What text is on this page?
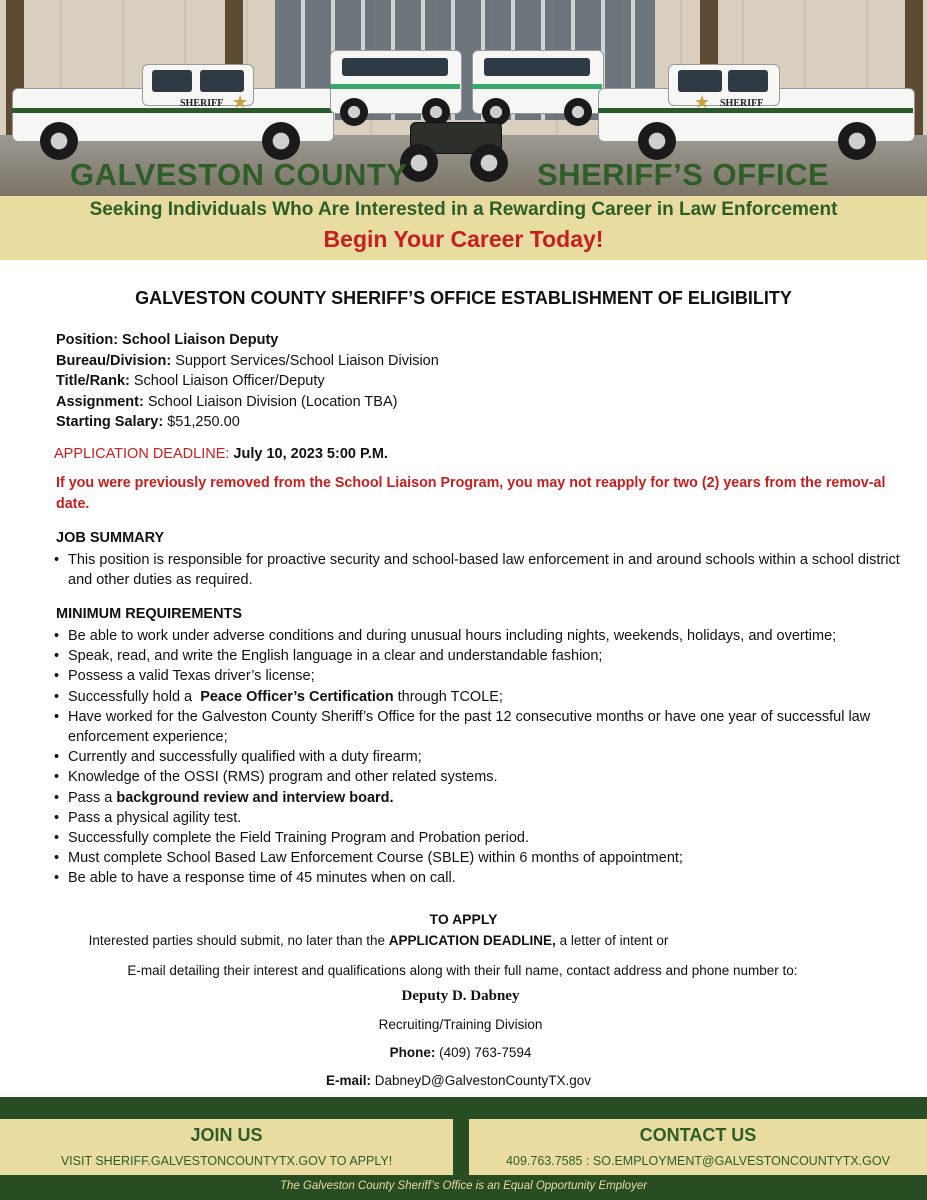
SHERIFF ★	★ SHERIFF
GALVESTON COUNTY	SHERIFF’S OFFICE
Seeking Individuals Who Are Interested in a Rewarding Career in Law Enforcement
Begin Your Career Today!
GALVESTON COUNTY SHERIFF’S OFFICE ESTABLISHMENT OF ELIGIBILITY
Position: School Liaison Deputy
Bureau/Division: Support Services/School Liaison Division
Title/Rank: School Liaison Officer/Deputy
Assignment: School Liaison Division (Location TBA)
Starting Salary: $51,250.00
APPLICATION DEADLINE: July 10, 2023 5:00 P.M.
If you were previously removed from the School Liaison Program, you may not reapply for two (2) years from the remov-al date.
JOB SUMMARY
• This position is responsible for proactive security and school-based law enforcement in and around schools within a school district and other duties as required.
MINIMUM REQUIREMENTS
• Be able to work under adverse conditions and during unusual hours including nights, weekends, holidays, and overtime;
• Speak, read, and write the English language in a clear and understandable fashion;
• Possess a valid Texas driver’s license;
• Successfully hold a  Peace Officer’s Certification through TCOLE;
• Have worked for the Galveston County Sheriff’s Office for the past 12 consecutive months or have one year of successful law enforcement experience;
• Currently and successfully qualified with a duty firearm;
• Knowledge of the OSSI (RMS) program and other related systems.
• Pass a background review and interview board.
• Pass a physical agility test.
• Successfully complete the Field Training Program and Probation period.
• Must complete School Based Law Enforcement Course (SBLE) within 6 months of appointment;
• Be able to have a response time of 45 minutes when on call.
TO APPLY
Interested parties should submit, no later than the APPLICATION DEADLINE, a letter of intent or
E-mail detailing their interest and qualifications along with their full name, contact address and phone number to:
Deputy D. Dabney
Recruiting/Training Division
Phone: (409) 763-7594
E-mail: DabneyD@GalvestonCountyTX.gov
JOIN US
VISIT SHERIFF.GALVESTONCOUNTYTX.GOV TO APPLY!
CONTACT US
409.763.7585 : SO.EMPLOYMENT@GALVESTONCOUNTYTX.GOV
The Galveston County Sheriff’s Office is an Equal Opportunity Employer
